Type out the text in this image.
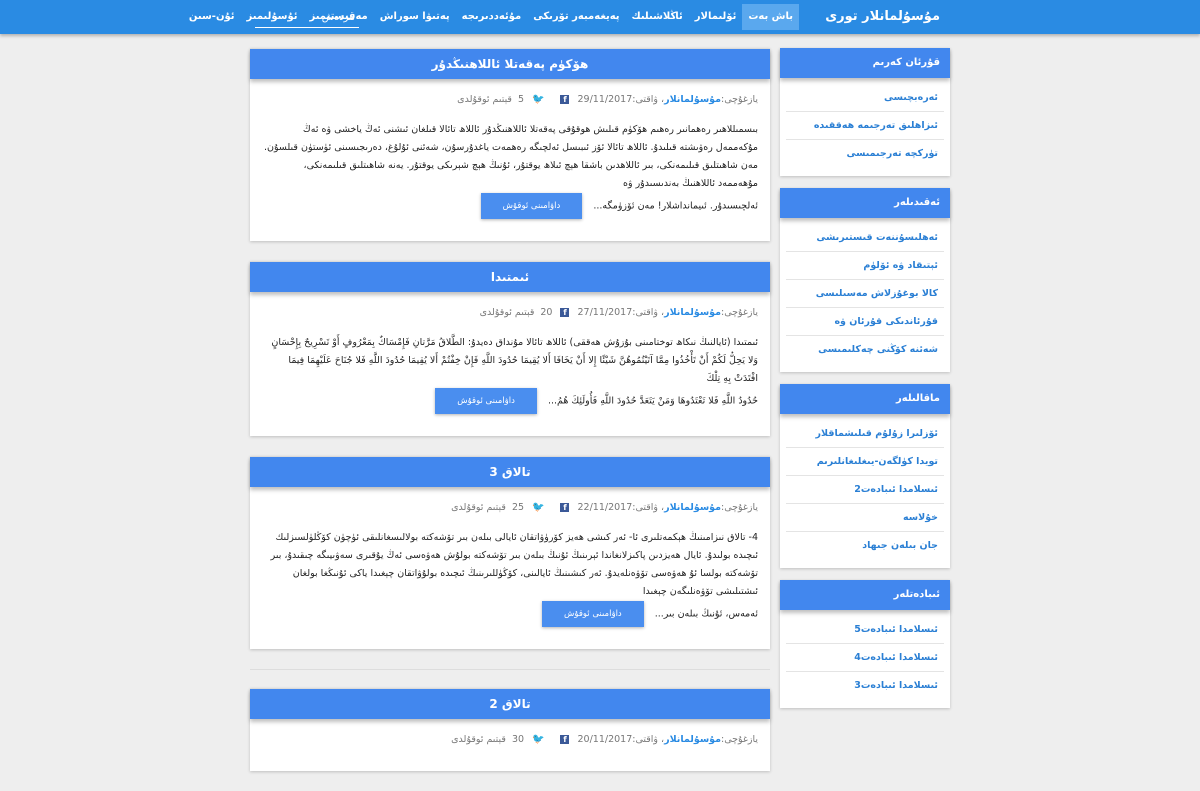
مۇسۇلمانلار تورى
باش بەت
ئۆلىمالار
ئاڭلاشىلىك
پەيغەمبەر تۆرىكى
مۇئەددىرىجە
پەتىۋا سوراش
مەقىستىمىز
ئۇسۇلىمىز
ئۇن-سىن
ئىزدەش
ھۆكۈم پەقەتلا ئاللاھنىڭدۇر
يازغۇچى:
مۇسۇلمانلار
،
ۋاقتى:
29/11/2017
f
🐦
5
قېتىم ئوقۇلدى
بىسمىللاھىر رەھمانىر رەھىم ھۆكۈم قىلىش ھوقۇقى پەقەتلا ئاللاھنىڭدۇر ئاللاھ تائالا قىلغان ئىشنى ئەڭ ياخشى ۋە ئەڭ مۇكەممەل رەۋىشتە قىلىدۇ. ئاللاھ تائالا ئۆز ئىبىسل ئەلچىگە رەھمەت ياغدۇرسۇن، شەئنى ئۇلۇغ، دەرىجىسىنى ئۈستۈن قىلسۇن. مەن شاھىتلىق قىلىمەنكى، بىر ئاللاھدىن باشقا ھېچ ئىلاھ يوقتۇر، ئۇنىڭ ھېچ شېرىكى يوقتۇر. يەنە شاھىتلىق قىلىمەنكى، مۇھەممەد ئاللاھنىڭ بەندىسىدۇر ۋە
ئەلچىسىدۇر. ئىيمانداشلار! مەن ئۆزۈمگە... داۋامىنى ئوقۇش
ئىمتىدا
يازغۇچى:
مۇسۇلمانلار
،
ۋاقتى:
27/11/2017
f
20
قېتىم ئوقۇلدى
ئىمتىدا (ئايالنىڭ نىكاھ توختامىنى بۇزۇش ھەققى) ئاللاھ تائالا مۇنداق دەيدۇ: الطَّلاقُ مَرَّتانِ فَإِمْسَاكٌ بِمَعْرُوفٍ أَوْ تَسْرِيحٌ بِإِحْسَانٍ وَلا يَحِلُّ لَكُمْ أَنْ تَأْخُذُوا مِمَّا آتَيْتُمُوهُنَّ شَيْئًا إِلا أَنْ يَخَافَا أَلا يُقِيمَا حُدُودَ اللَّهِ فَإِنْ خِفْتُمْ أَلا يُقِيمَا حُدُودَ اللَّهِ فَلا جُنَاحَ عَلَيْهِمَا فِيمَا افْتَدَتْ بِهِ تِلْكَ
حُدُودُ اللَّهِ فَلا تَعْتَدُوهَا وَمَنْ يَتَعَدَّ حُدُودَ اللَّهِ فَأُولَئِكَ هُمُ... داۋامىنى ئوقۇش
تالاق 3
يازغۇچى:
مۇسۇلمانلار
،
ۋاقتى:
22/11/2017
f
🐦
25
قېتىم ئوقۇلدى
4- تالاق نىزامىنىڭ ھېكمەتلىرى ئا- ئەر كىشى ھەيز كۆرۈۋاتقان ئايالى بىلەن بىر تۆشەكتە بولالىسغانلىقى ئۈچۈن كۆڭلۈلسىزلىك ئىچىدە بولىدۇ. ئايال ھەيزدىن پاكىزلانغاندا ئېرىنىڭ ئۇنىڭ بىلەن بىر تۆشەكتە بولۇش ھەۋەسى ئەڭ يۇقىرى سەۋىيىگە چىقىدۇ، بىر تۆشەكتە بولسا ئۇ ھەۋەسى تۆۋەنلەيدۇ. ئەر كىشىنىڭ ئايالىنى، كۆڭۈللىرىنىڭ ئىچىدە بولۇۋاتقان چېغىدا ياكى ئۇنىڭغا بولغان ئىشتىلىشى تۆۋەنلىگەن چېغىدا
ئەمەس، ئۇنىڭ بىلەن بىر... داۋامىنى ئوقۇش
تالاق 2
يازغۇچى:
مۇسۇلمانلار
،
ۋاقتى:
20/11/2017
f
🐦
30
قېتىم ئوقۇلدى
قۇرئان كەرىم
ئەرەبچىسى
ئىزاھلىق تەرجىمە ھەققىدە
تۈركچە تەرجىمىسى
ئەقىدىلەر
ئەھلىسۇننەت قىستىرىشى
ئېتىقاد ۋە ئۆلۈم
كالا بوغۇزلاش مەسىلىسى
قۇرئاندىكى قۇرئان ۋە
شەئنە كۆڭنى چەكلىمىسى
ماقالىلەر
ئۆزلىرا زۇلۇم قىلىشماقلار
تويدا كۈلگەن-يىغلىغانلىرىم
ئىسلامدا ئىبادەت2
خۇلاسە
جان بىلەن جىھاد
ئىبادەتلەر
ئىسلامدا ئىبادەت5
ئىسلامدا ئىبادەت4
ئىسلامدا ئىبادەت3
